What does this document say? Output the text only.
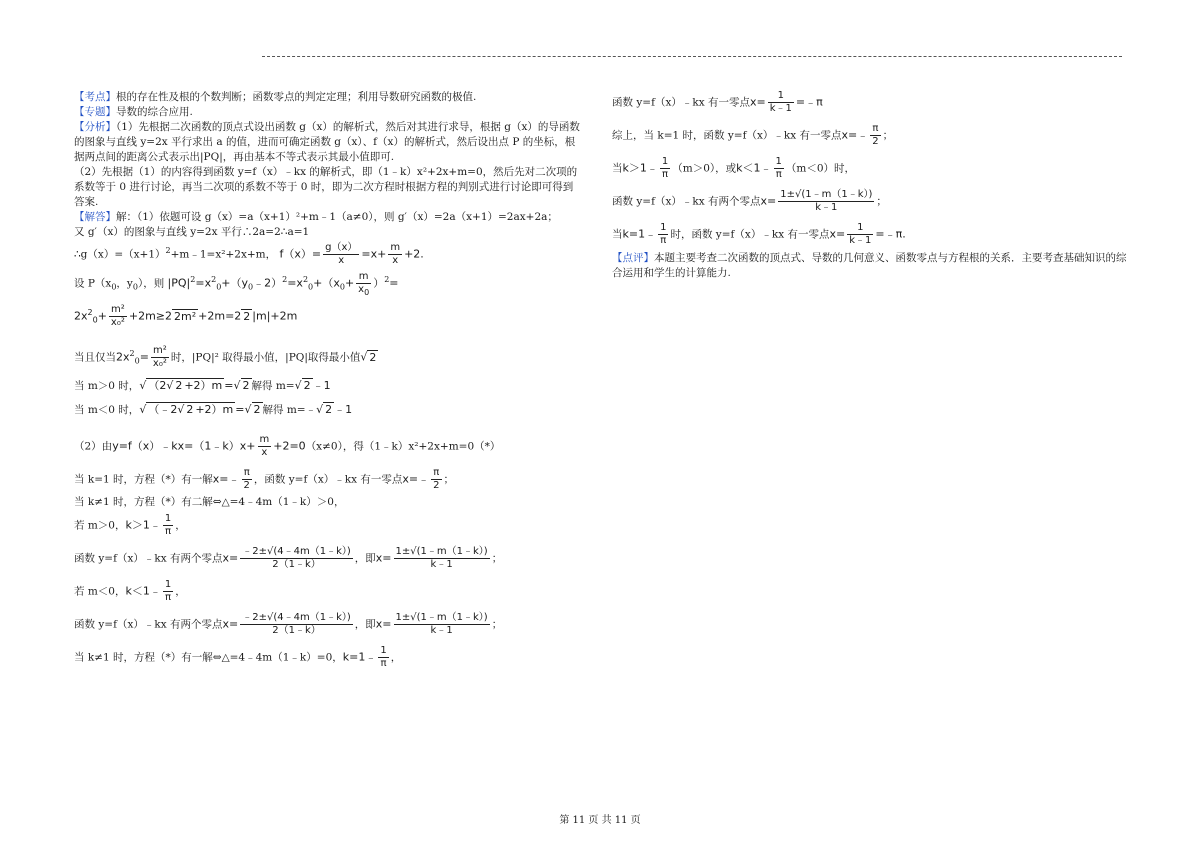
【考点】根的存在性及根的个数判断；函数零点的判定定理；利用导数研究函数的极值.

【专题】导数的综合应用.

【分析】（1）先根据二次函数的顶点式设出函数 g（x）的解析式，然后对其进行求导，根据 g（x）的导函数的图象与直线 y=2x 平行求出 a 的值，进而可确定函数 g（x）、f（x）的解析式，然后设出点 P 的坐标，根据两点间的距离公式表示出|PQ|，再由基本不等式表示其最小值即可.

（2）先根据（1）的内容得到函数 y=f（x）﹣kx 的解析式，即（1﹣k）x²+2x+m=0，然后先对二次项的系数等于 0 进行讨论，再当二次项的系数不等于 0 时，即为二次方程时根据方程的判别式进行讨论即可得到答案.

【解答】解：（1）依题可设 g（x）=a（x+1）²+m﹣1（a≠0），则 g′（x）=2a（x+1）=2ax+2a；

又 g′（x）的图象与直线 y=2x 平行∴2a=2∴a=1

$\therefore g(x)=(x+1)^2+m﹣1=x^2+2x+m$， $f(x)= \frac{g(x)}{x} =x+ \frac{m}{x} +2$.

设 $P(x_0$，$y_0$），则 $|PQ|^2=x^2_0+(y_0﹣2)^2=x^2_0+(x_0+ \frac{m}{x_0} )^2=$

$2x^2_0+ \frac{\text{m²}}{\text{x₀²}} +2m\ge 2$ 2m² +2m=2 2 |m|+2m

当且仅当$2x^2_0= \frac{\text{m²}}{\text{x₀²}}$ 时，|PQ|² 取得最小值，|PQ|取得最小值√ 2

当 m＞0 时，√ （2√ 2 +2）m =√ 2 解得 m=√ 2 ﹣1

当 m＜0 时，√ （﹣2√ 2 +2）m =√ 2 解得 m=﹣√ 2 ﹣1

（2）由y=f（x）﹣kx=（1﹣k）x+ $\frac{m}{x} +2=0(x\ne 0)$，得（1﹣k）x²+2x+m=0（*）

当 k=1 时，方程（*）有一解x=﹣ $\frac{\pi}{2}$ ，函数 y=f（x）﹣kx 有一零点x=﹣ $\frac{\pi}{2}$ ；

当 k≠1 时，方程（*）有二解⇔△=4﹣4m（1﹣k）＞0，

若 m＞0，k＞1﹣ $\frac{1}{\pi}$ ，

函数 y=f（x）﹣kx 有两个零点$x= \frac{﹣2\pm√(4﹣4m(1﹣k))}{2(1﹣k)}$ ，即$x= \frac{1\pm√(1﹣m(1﹣k))}{k﹣1}$ ；

若 m＜0，k＜1﹣ $\frac{1}{\pi}$ ，

函数 y=f（x）﹣kx 有两个零点$x= \frac{﹣2\pm√(4﹣4m(1﹣k))}{2(1﹣k)}$ ，即$x= \frac{1\pm√(1﹣m(1﹣k))}{k﹣1}$ ；

当 k≠1 时，方程（*）有一解⇔△=4﹣4m（1﹣k）=0，k=1﹣ $\frac{1}{\pi}$ ，

函数 y=f（x）﹣kx 有一零点$x= \frac{1}{k﹣1}$ =﹣π

综上，当 k=1 时，函数 y=f（x）﹣kx 有一零点x=﹣ $\frac{\pi}{2}$ ；

当k＞1﹣ $\frac{1}{\pi} (m>0)$，或k＜1﹣ $\frac{1}{\pi} (m<0)$时，

函数 y=f（x）﹣kx 有两个零点$x= \frac{1\pm√(1﹣m(1﹣k))}{k﹣1}$ ；

当k=1﹣ $\frac{1}{\pi}$ 时，函数 y=f（x）﹣kx 有一零点$x= \frac{1}{k﹣1}$ =﹣π.

【点评】本题主要考查二次函数的顶点式、导数的几何意义、函数零点与方程根的关系．主要考查基础知识的综合运用和学生的计算能力.

第 11 页 共 11 页
